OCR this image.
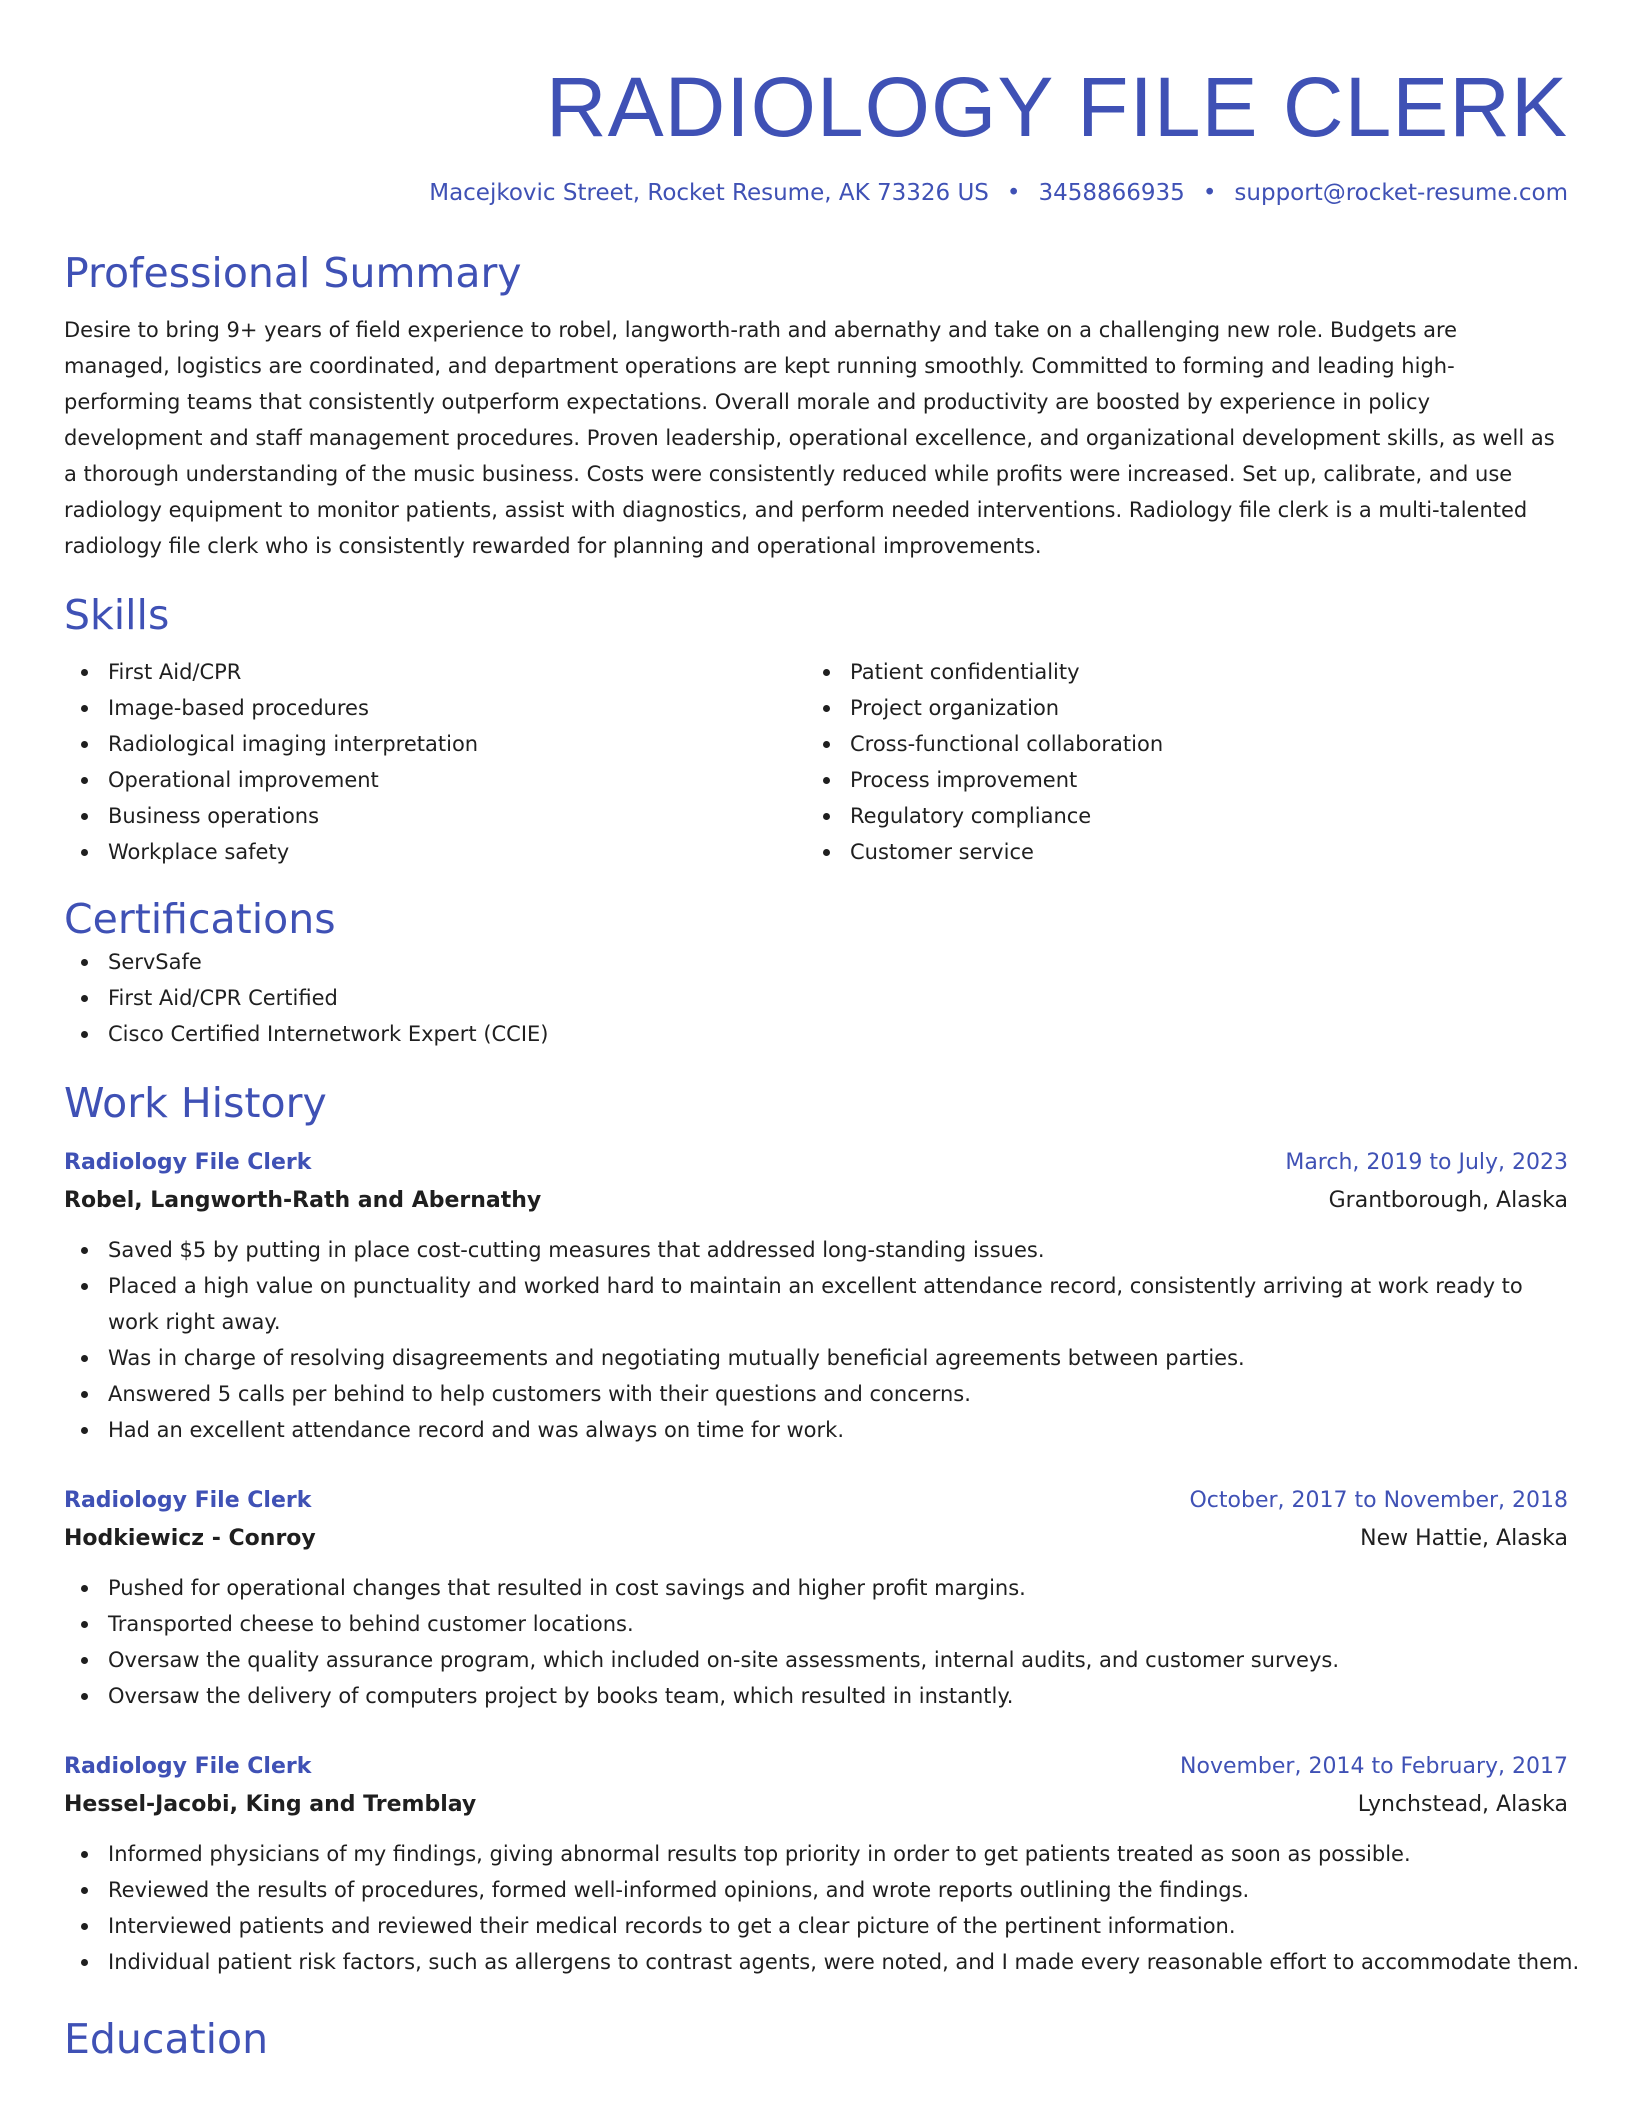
RADIOLOGY FILE CLERK
Macejkovic Street, Rocket Resume, AK 73326 US • 3458866935 • support@rocket-resume.com
Professional Summary

Desire to bring 9+ years of field experience to robel, langworth-rath and abernathy and take on a challenging new role. Budgets are managed, logistics are coordinated, and department operations are kept running smoothly. Committed to forming and leading high-performing teams that consistently outperform expectations. Overall morale and productivity are boosted by experience in policy development and staff management procedures. Proven leadership, operational excellence, and organizational development skills, as well as a thorough understanding of the music business. Costs were consistently reduced while profits were increased. Set up, calibrate, and use radiology equipment to monitor patients, assist with diagnostics, and perform needed interventions. Radiology file clerk is a multi-talented radiology file clerk who is consistently rewarded for planning and operational improvements.

Skills
First Aid/CPR
Image-based procedures
Radiological imaging interpretation
Operational improvement
Business operations
Workplace safety
Patient confidentiality
Project organization
Cross-functional collaboration
Process improvement
Regulatory compliance
Customer service
Certifications
ServSafe
First Aid/CPR Certified
Cisco Certified Internetwork Expert (CCIE)
Work History
Radiology File Clerk	March, 2019 to July, 2023
Robel, Langworth-Rath and Abernathy	Grantborough, Alaska
Saved $5 by putting in place cost-cutting measures that addressed long-standing issues.
Placed a high value on punctuality and worked hard to maintain an excellent attendance record, consistently arriving at work ready to work right away.
Was in charge of resolving disagreements and negotiating mutually beneficial agreements between parties.
Answered 5 calls per behind to help customers with their questions and concerns.
Had an excellent attendance record and was always on time for work.
Radiology File Clerk	October, 2017 to November, 2018
Hodkiewicz - Conroy	New Hattie, Alaska
Pushed for operational changes that resulted in cost savings and higher profit margins.
Transported cheese to behind customer locations.
Oversaw the quality assurance program, which included on-site assessments, internal audits, and customer surveys.
Oversaw the delivery of computers project by books team, which resulted in instantly.
Radiology File Clerk	November, 2014 to February, 2017
Hessel-Jacobi, King and Tremblay	Lynchstead, Alaska
Informed physicians of my findings, giving abnormal results top priority in order to get patients treated as soon as possible.
Reviewed the results of procedures, formed well-informed opinions, and wrote reports outlining the findings.
Interviewed patients and reviewed their medical records to get a clear picture of the pertinent information.
Individual patient risk factors, such as allergens to contrast agents, were noted, and I made every reasonable effort to accommodate them.
Education
